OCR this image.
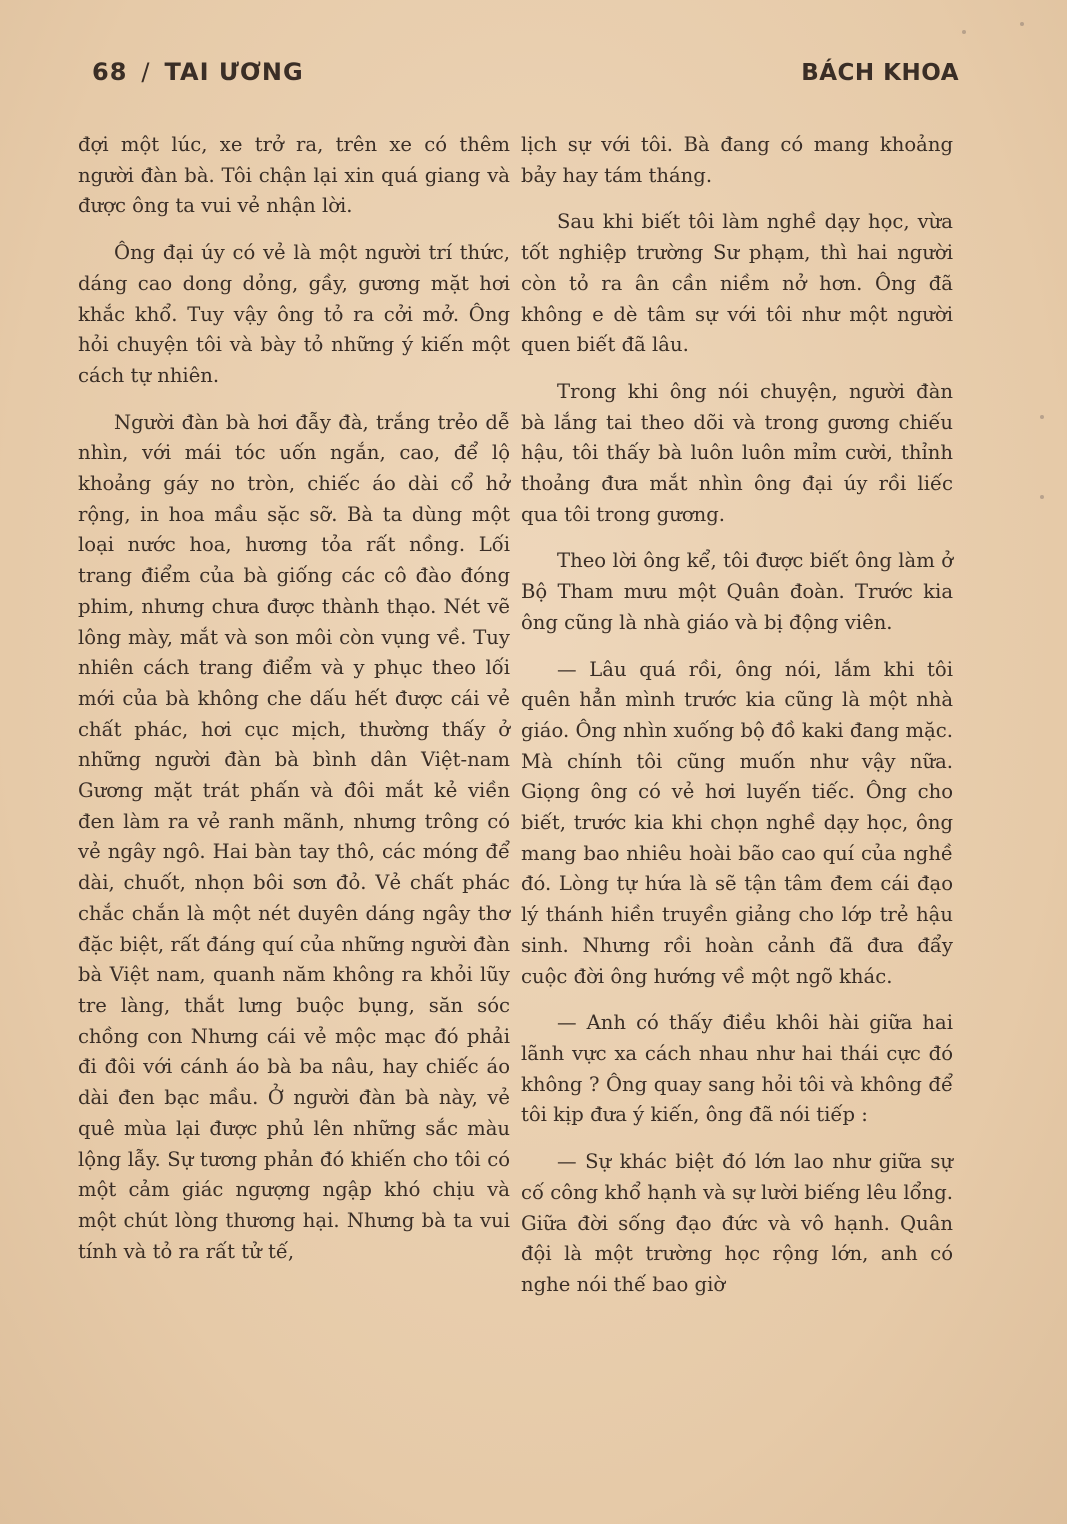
68 / TAI ƯƠNG	BÁCH KHOA

đợi một lúc, xe trở ra, trên xe có thêm người đàn bà. Tôi chận lại xin quá giang và được ông ta vui vẻ nhận lời.

Ông đại úy có vẻ là một người trí thức, dáng cao dong dỏng, gầy, gương mặt hơi khắc khổ. Tuy vậy ông tỏ ra cởi mở. Ông hỏi chuyện tôi và bày tỏ những ý kiến một cách tự nhiên.

Người đàn bà hơi đẫy đà, trắng trẻo dễ nhìn, với mái tóc uốn ngắn, cao, để lộ khoảng gáy no tròn, chiếc áo dài cổ hở rộng, in hoa mầu sặc sỡ. Bà ta dùng một loại nước hoa, hương tỏa rất nồng. Lối trang điểm của bà giống các cô đào đóng phim, nhưng chưa được thành thạo. Nét vẽ lông mày, mắt và son môi còn vụng về. Tuy nhiên cách trang điểm và y phục theo lối mới của bà không che dấu hết được cái vẻ chất phác, hơi cục mịch, thường thấy ở những người đàn bà bình dân Việt-nam Gương mặt trát phấn và đôi mắt kẻ viền đen làm ra vẻ ranh mãnh, nhưng trông có vẻ ngây ngô. Hai bàn tay thô, các móng để dài, chuốt, nhọn bôi sơn đỏ. Vẻ chất phác chắc chắn là một nét duyên dáng ngây thơ đặc biệt, rất đáng quí của những người đàn bà Việt nam, quanh năm không ra khỏi lũy tre làng, thắt lưng buộc bụng, săn sóc chồng con Nhưng cái vẻ mộc mạc đó phải đi đôi với cánh áo bà ba nâu, hay chiếc áo dài đen bạc mầu. Ở người đàn bà này, vẻ quê mùa lại được phủ lên những sắc màu lộng lẫy. Sự tương phản đó khiến cho tôi có một cảm giác ngượng ngập khó chịu và một chút lòng thương hại. Nhưng bà ta vui tính và tỏ ra rất tử tế,

lịch sự với tôi. Bà đang có mang khoảng bảy hay tám tháng.

Sau khi biết tôi làm nghề dạy học, vừa tốt nghiệp trường Sư phạm, thì hai người còn tỏ ra ân cần niềm nở hơn. Ông đã không e dè tâm sự với tôi như một người quen biết đã lâu.

Trong khi ông nói chuyện, người đàn bà lắng tai theo dõi và trong gương chiếu hậu, tôi thấy bà luôn luôn mỉm cười, thỉnh thoảng đưa mắt nhìn ông đại úy rồi liếc qua tôi trong gương.

Theo lời ông kể, tôi được biết ông làm ở Bộ Tham mưu một Quân đoàn. Trước kia ông cũng là nhà giáo và bị động viên.

— Lâu quá rồi, ông nói, lắm khi tôi quên hẳn mình trước kia cũng là một nhà giáo. Ông nhìn xuống bộ đồ kaki đang mặc. Mà chính tôi cũng muốn như vậy nữa. Giọng ông có vẻ hơi luyến tiếc. Ông cho biết, trước kia khi chọn nghề dạy học, ông mang bao nhiêu hoài bão cao quí của nghề đó. Lòng tự hứa là sẽ tận tâm đem cái đạo lý thánh hiền truyền giảng cho lớp trẻ hậu sinh. Nhưng rồi hoàn cảnh đã đưa đẩy cuộc đời ông hướng về một ngõ khác.

— Anh có thấy điều khôi hài giữa hai lãnh vực xa cách nhau như hai thái cực đó không ? Ông quay sang hỏi tôi và không để tôi kịp đưa ý kiến, ông đã nói tiếp :

— Sự khác biệt đó lớn lao như giữa sự cố công khổ hạnh và sự lười biếng lêu lổng. Giữa đời sống đạo đức và vô hạnh. Quân đội là một trường học rộng lớn, anh có nghe nói thế bao giờ
